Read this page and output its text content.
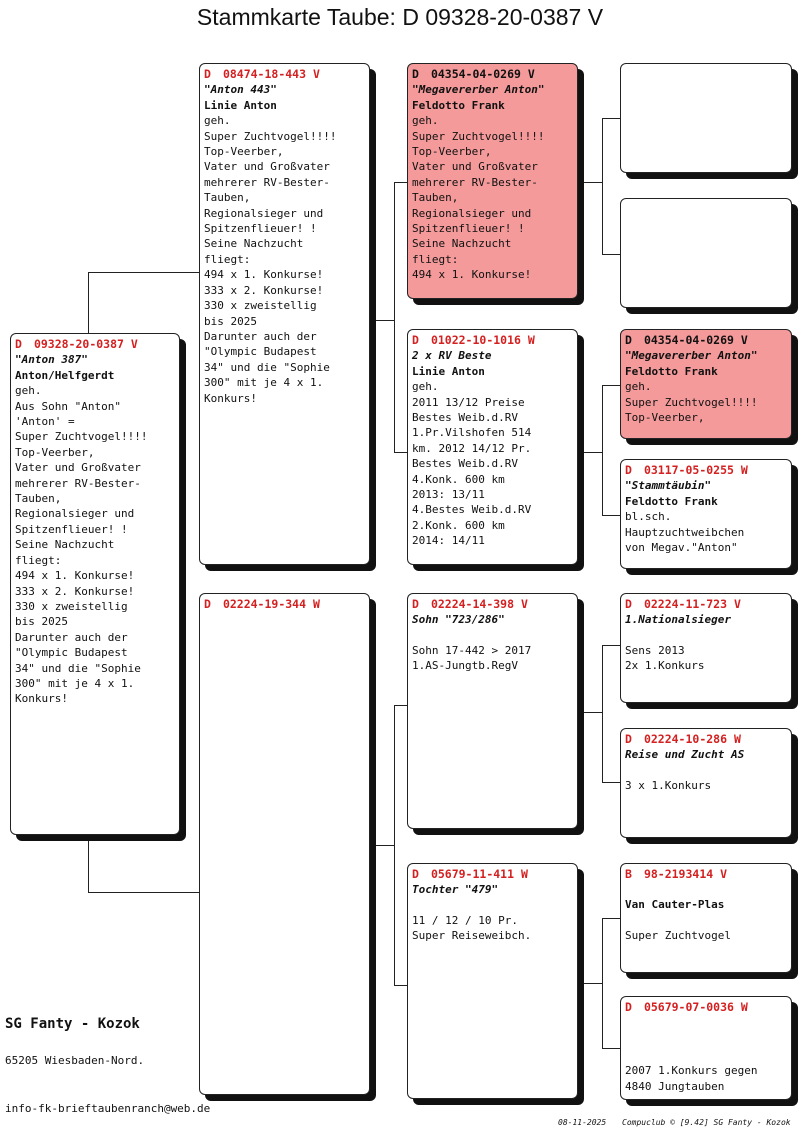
Stammkarte Taube: D 09328-20-0387 V
D 09328-20-0387 V
"Anton 387"
Anton/Helfgerdt
geh.
Aus Sohn "Anton"
'Anton' =
Super Zuchtvogel!!!!
Top-Veerber,
Vater und Großvater
mehrerer RV-Bester-
Tauben,
Regionalsieger und
Spitzenflieuer! !
Seine Nachzucht
fliegt:
494 x 1. Konkurse!
333 x 2. Konkurse!
330 x zweistellig
bis 2025
Darunter auch der
"Olympic Budapest
34" und die "Sophie
300" mit je 4 x 1.
Konkurs!
D 08474-18-443 V
"Anton 443"
Linie Anton
geh.
Super Zuchtvogel!!!!
Top-Veerber,
Vater und Großvater
mehrerer RV-Bester-
Tauben,
Regionalsieger und
Spitzenflieuer! !
Seine Nachzucht
fliegt:
494 x 1. Konkurse!
333 x 2. Konkurse!
330 x zweistellig
bis 2025
Darunter auch der
"Olympic Budapest
34" und die "Sophie
300" mit je 4 x 1.
Konkurs!
D 02224-19-344 W
D 04354-04-0269 V
"Megavererber Anton"
Feldotto Frank
geh.
Super Zuchtvogel!!!!
Top-Veerber,
Vater und Großvater
mehrerer RV-Bester-
Tauben,
Regionalsieger und
Spitzenflieuer! !
Seine Nachzucht
fliegt:
494 x 1. Konkurse!
D 01022-10-1016 W
2 x RV Beste
Linie Anton
geh.
2011 13/12 Preise
Bestes Weib.d.RV
1.Pr.Vilshofen 514
km. 2012 14/12 Pr.
Bestes Weib.d.RV
4.Konk. 600 km
2013: 13/11
4.Bestes Weib.d.RV
2.Konk. 600 km
2014: 14/11
D 02224-14-398 V
Sohn "723/286"
Sohn 17-442 > 2017
1.AS-Jungtb.RegV
D 05679-11-411 W
Tochter "479"
11 / 12 / 10 Pr.
Super Reiseweibch.
D 04354-04-0269 V
"Megavererber Anton"
Feldotto Frank
geh.
Super Zuchtvogel!!!!
Top-Veerber,
D 03117-05-0255 W
"Stammtäubin"
Feldotto Frank
bl.sch.
Hauptzuchtweibchen
von Megav."Anton"
D 02224-11-723 V
1.Nationalsieger
Sens 2013
2x 1.Konkurs
D 02224-10-286 W
Reise und Zucht AS
3 x 1.Konkurs
B 98-2193414 V
Van Cauter-Plas
Super Zuchtvogel
D 05679-07-0036 W
2007 1.Konkurs gegen
4840 Jungtauben
SG Fanty - Kozok
65205 Wiesbaden-Nord.
info-fk-brieftaubenranch@web.de
08-11-2025 Compuclub © [9.42] SG Fanty - Kozok
